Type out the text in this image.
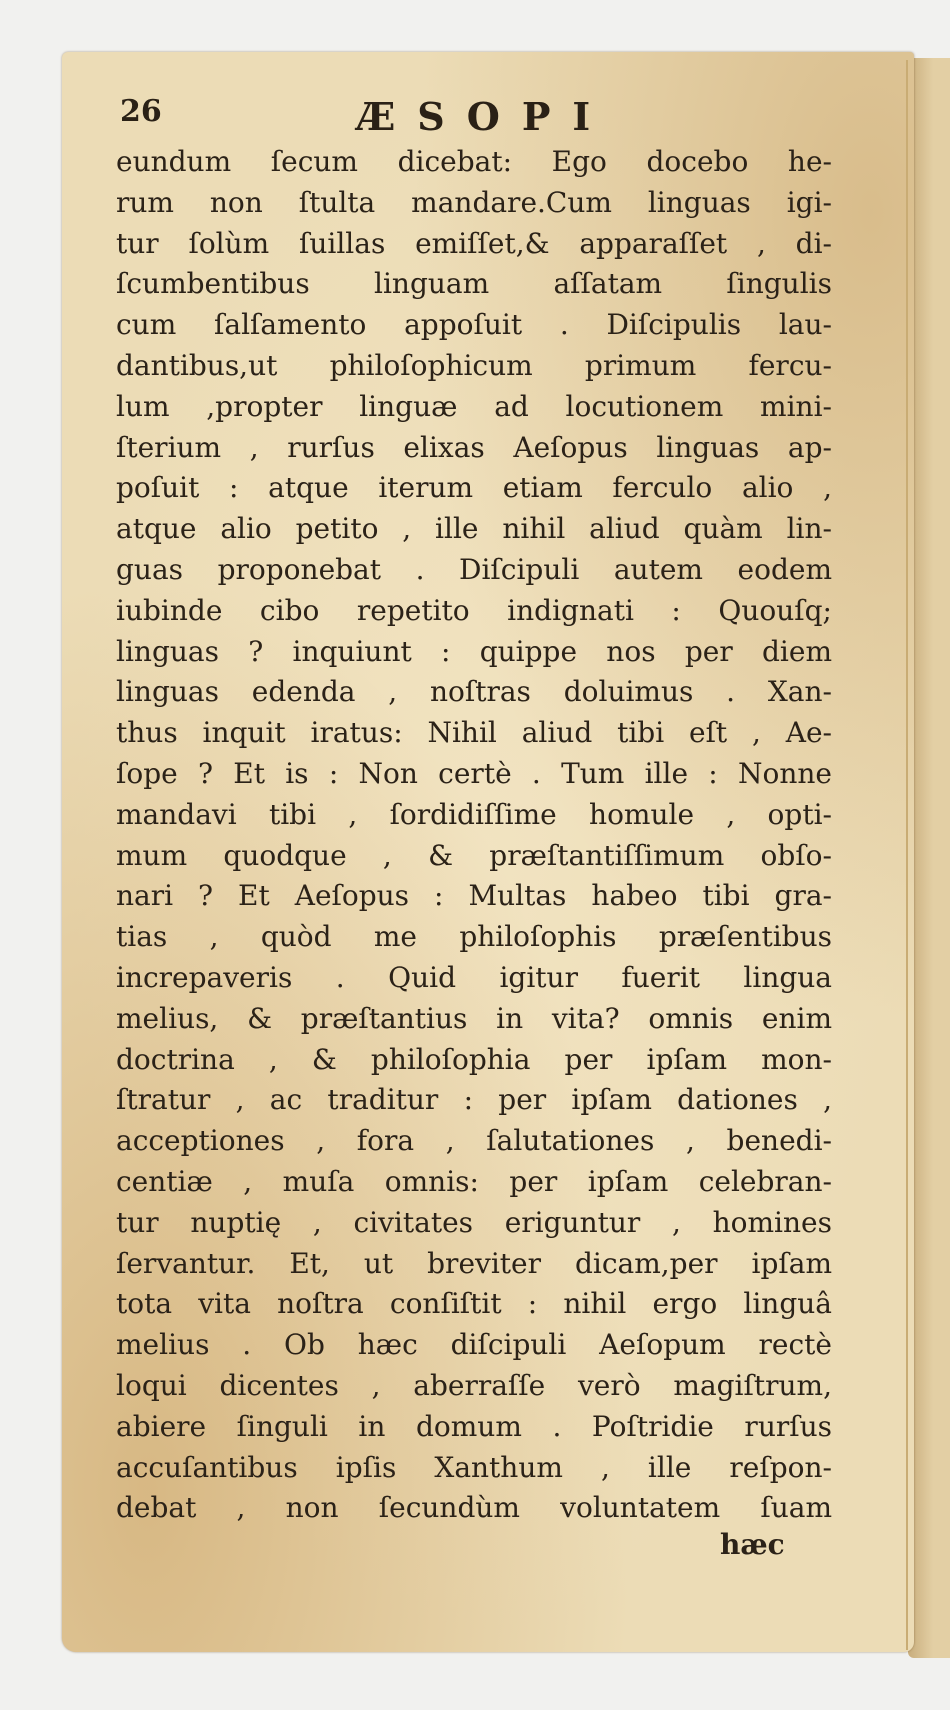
26	ÆSOPI
eundum ſecum dicebat: Ego docebo he-
rum non ſtulta mandare.Cum linguas igi-
tur ſolùm ſuillas emiſſet,& apparaſſet , di-
ſcumbentibus linguam aſſatam ſingulis
cum ſalſamento appoſuit . Diſcipulis lau-
dantibus,ut philoſophicum primum fercu-
lum ,propter linguæ ad locutionem mini-
ſterium , rurſus elixas Aeſopus linguas ap-
poſuit : atque iterum etiam ferculo alio ,
atque alio petito , ille nihil aliud quàm lin-
guas proponebat . Diſcipuli autem eodem
iubinde cibo repetito indignati : Quouſq;
linguas ? inquiunt : quippe nos per diem
linguas edenda , noſtras doluimus . Xan-
thus inquit iratus: Nihil aliud tibi eſt , Ae-
ſope ? Et is : Non certè . Tum ille : Nonne
mandavi tibi , ſordidiſſime homule , opti-
mum quodque , & præſtantiſſimum obſo-
nari ? Et Aeſopus : Multas habeo tibi gra-
tias , quòd me philoſophis præſentibus
increpaveris . Quid igitur fuerit lingua
melius, & præſtantius in vita? omnis enim
doctrina , & philoſophia per ipſam mon-
ſtratur , ac traditur : per ipſam dationes ,
acceptiones , fora , ſalutationes , benedi-
centiæ , muſa omnis: per ipſam celebran-
tur nuptię , civitates eriguntur , homines
ſervantur. Et, ut breviter dicam,per ipſam
tota vita noſtra conſiſtit : nihil ergo linguâ
melius . Ob hæc diſcipuli Aeſopum rectè
loqui dicentes , aberraſſe verò magiſtrum,
abiere ſinguli in domum . Poſtridie rurſus
accuſantibus ipſis Xanthum , ille reſpon-
debat , non ſecundùm voluntatem ſuam
hæc
